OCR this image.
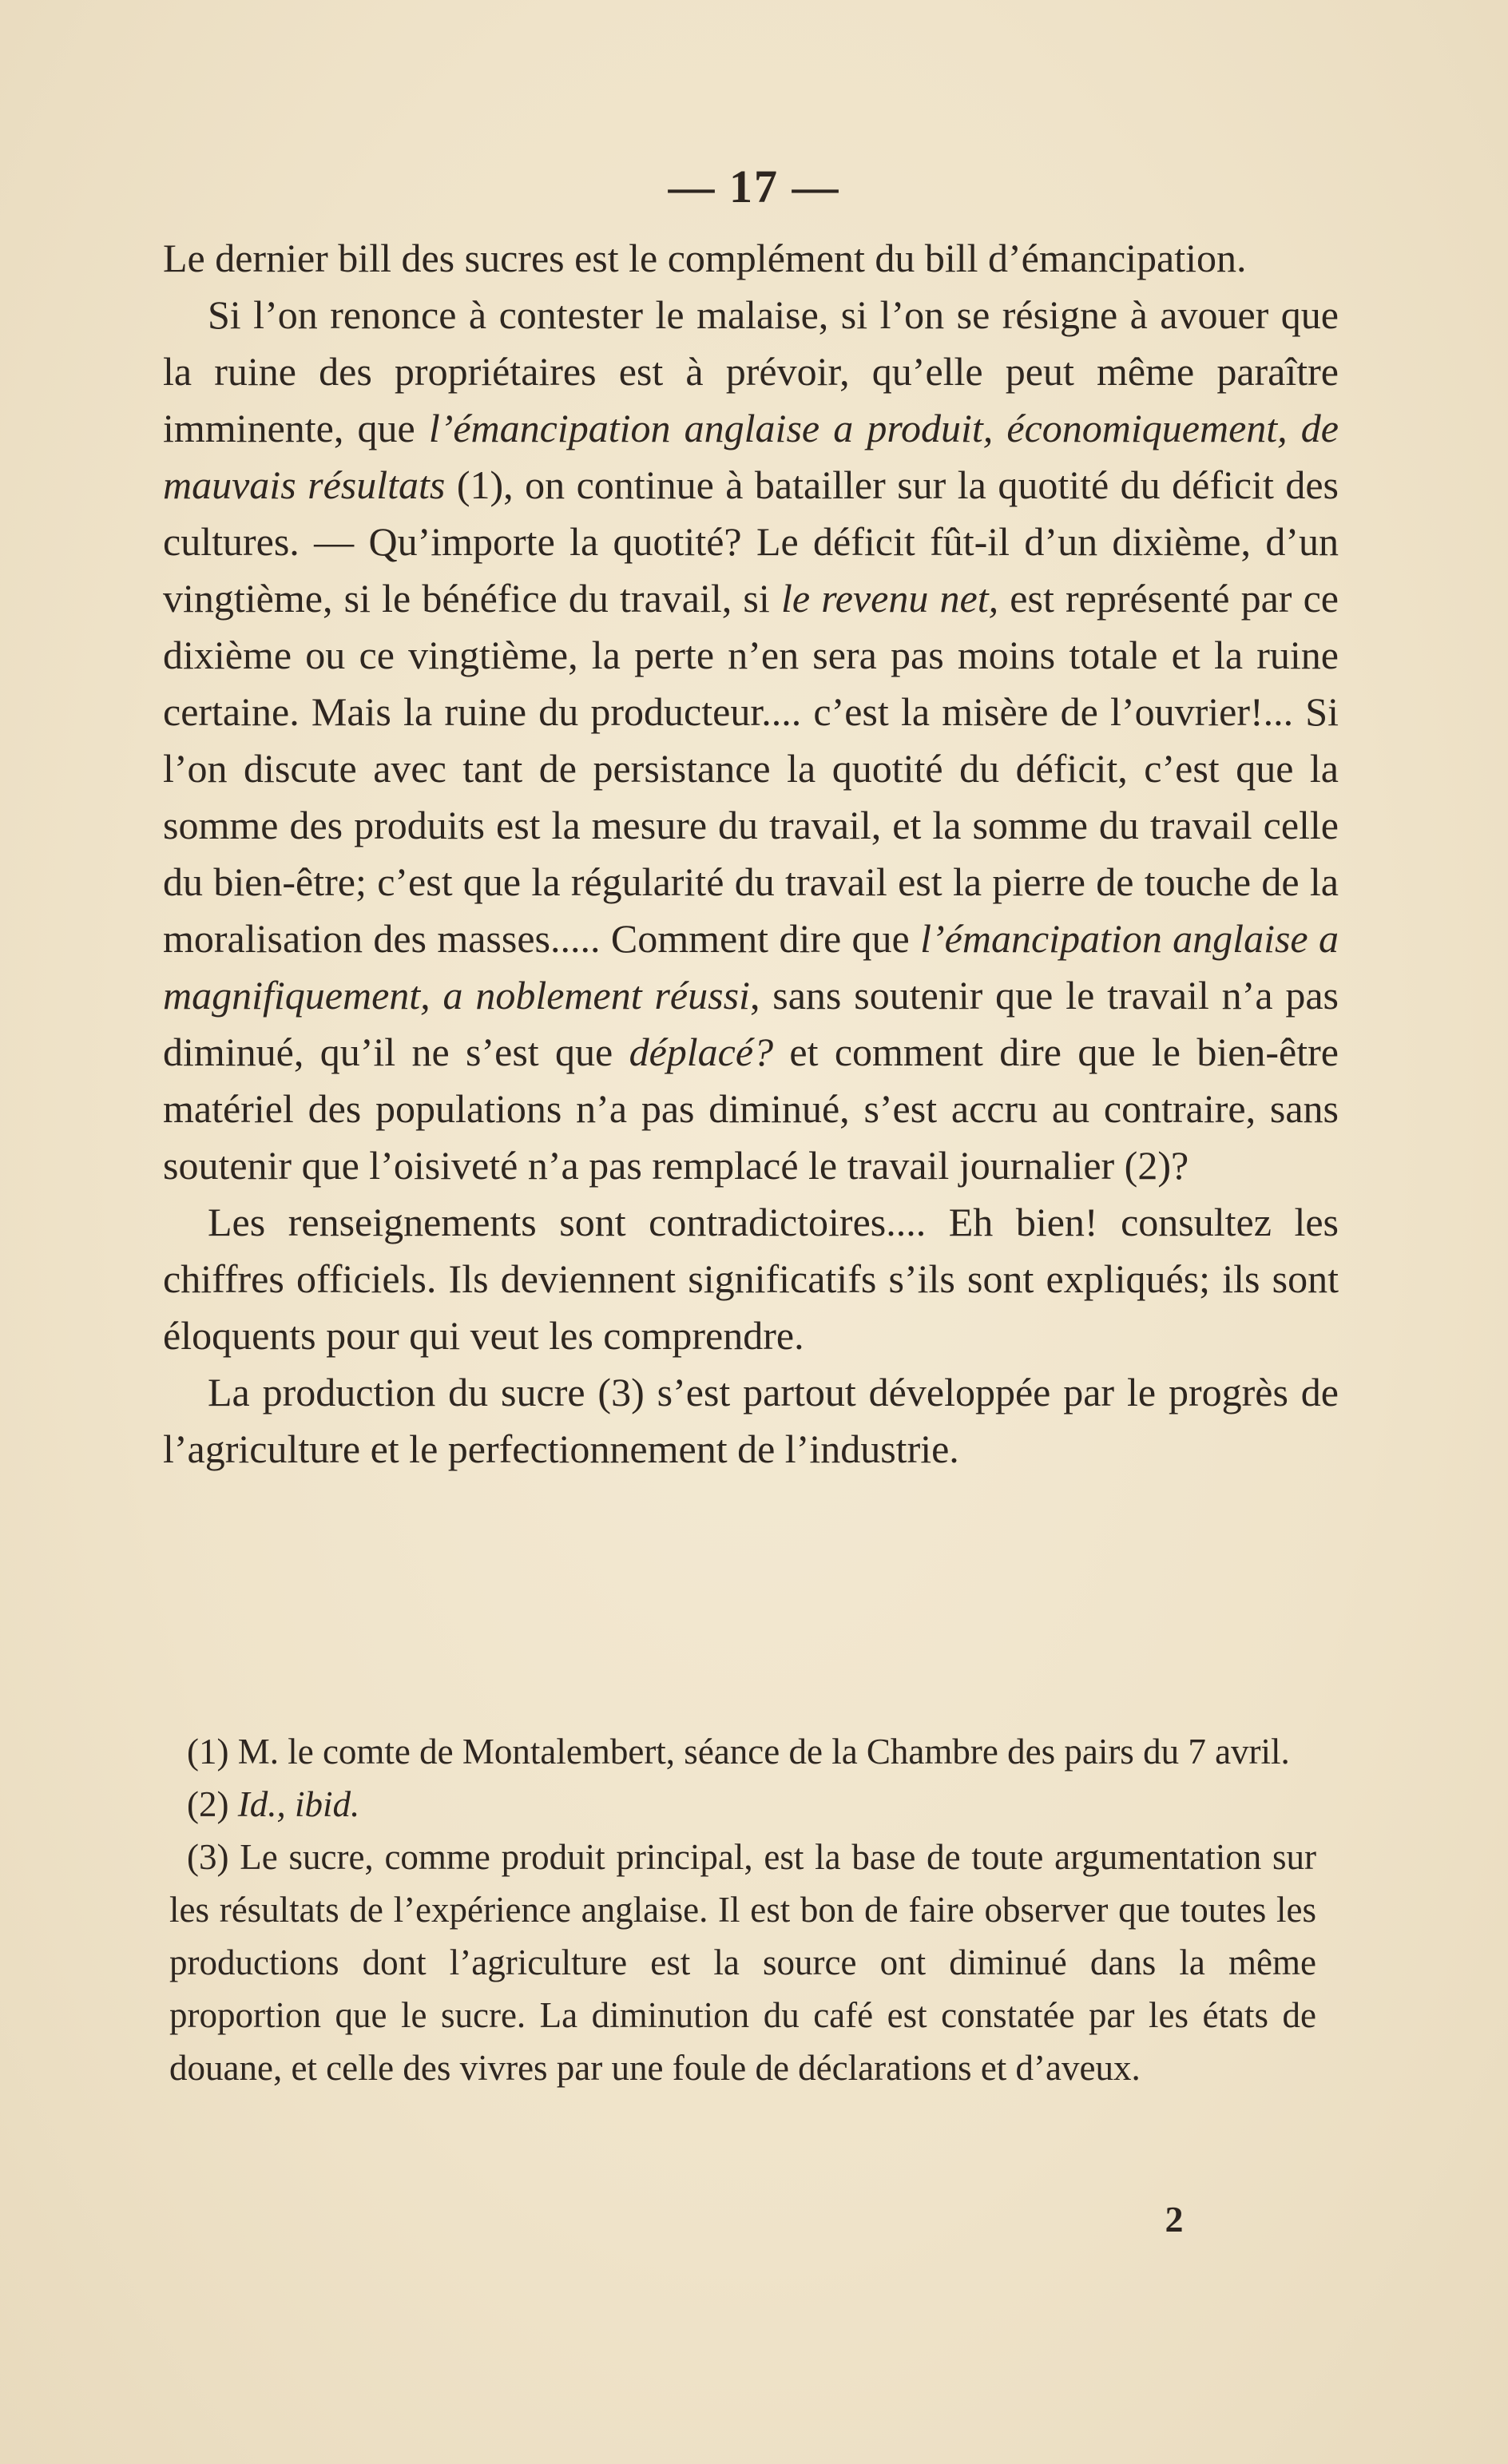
— 17 —

Le dernier bill des sucres est le complément du bill d’émancipation.

Si l’on renonce à contester le malaise, si l’on se résigne à avouer que la ruine des propriétaires est à prévoir, qu’elle peut même paraître imminente, que l’émancipation anglaise a produit, économiquement, de mauvais résultats (1), on continue à batailler sur la quotité du déficit des cultures. — Qu’importe la quotité? Le déficit fût-il d’un dixième, d’un vingtième, si le bénéfice du travail, si le revenu net, est représenté par ce dixième ou ce vingtième, la perte n’en sera pas moins totale et la ruine certaine. Mais la ruine du producteur.... c’est la misère de l’ouvrier!... Si l’on discute avec tant de persistance la quotité du déficit, c’est que la somme des produits est la mesure du travail, et la somme du travail celle du bien-être; c’est que la régularité du travail est la pierre de touche de la moralisation des masses..... Comment dire que l’émancipation anglaise a magnifiquement, a noblement réussi, sans soutenir que le travail n’a pas diminué, qu’il ne s’est que déplacé? et comment dire que le bien-être matériel des populations n’a pas diminué, s’est accru au contraire, sans soutenir que l’oisiveté n’a pas remplacé le travail journalier (2)?

Les renseignements sont contradictoires.... Eh bien! consultez les chiffres officiels. Ils deviennent significatifs s’ils sont expliqués; ils sont éloquents pour qui veut les comprendre.

La production du sucre (3) s’est partout développée par le progrès de l’agriculture et le perfectionnement de l’industrie.

(1) M. le comte de Montalembert, séance de la Chambre des pairs du 7 avril.

(2) Id., ibid.

(3) Le sucre, comme produit principal, est la base de toute argumentation sur les résultats de l’expérience anglaise. Il est bon de faire observer que toutes les productions dont l’agriculture est la source ont diminué dans la même proportion que le sucre. La diminution du café est constatée par les états de douane, et celle des vivres par une foule de déclarations et d’aveux.

2
